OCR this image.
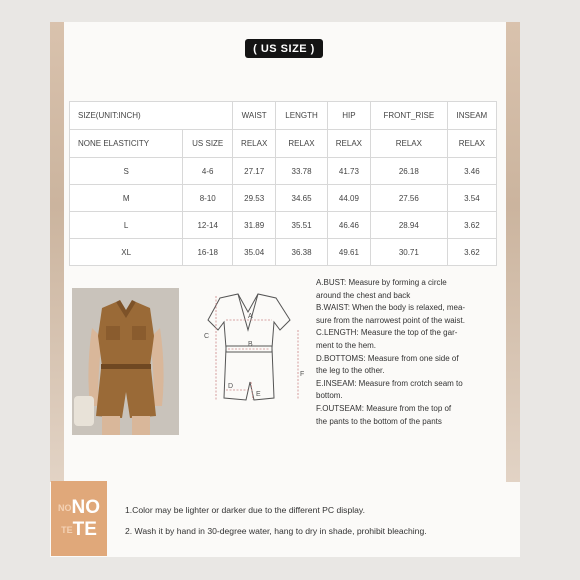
( US SIZE )
SIZE(UNIT:INCH)		WAIST	LENGTH	HIP	FRONT_RISE	INSEAM
NONE ELASTICITY	US SIZE	RELAX	RELAX	RELAX	RELAX	RELAX
S	4-6	27.17	33.78	41.73	26.18	3.46
M	8-10	29.53	34.65	44.09	27.56	3.54
L	12-14	31.89	35.51	46.46	28.94	3.62
XL	16-18	35.04	36.38	49.61	30.71	3.62
C
A
B
D
E
F
A.BUST: Measure by forming a circle
around the chest and back
B.WAIST: When the body is relaxed, mea-
sure from the narrowest point of the waist.
C.LENGTH: Measure the top of the gar-
ment to the hem.
D.BOTTOMS: Measure from one side of
the leg to the other.
E.INSEAM: Measure from crotch seam to
bottom.
F.OUTSEAM: Measure from the top of
the pants to the bottom of the pants
$^{NO}$NO
$^{TE}$TE
1.Color may be lighter or darker due to the different PC display.
2. Wash it by hand in 30-degree water, hang to dry in shade, prohibit bleaching.
